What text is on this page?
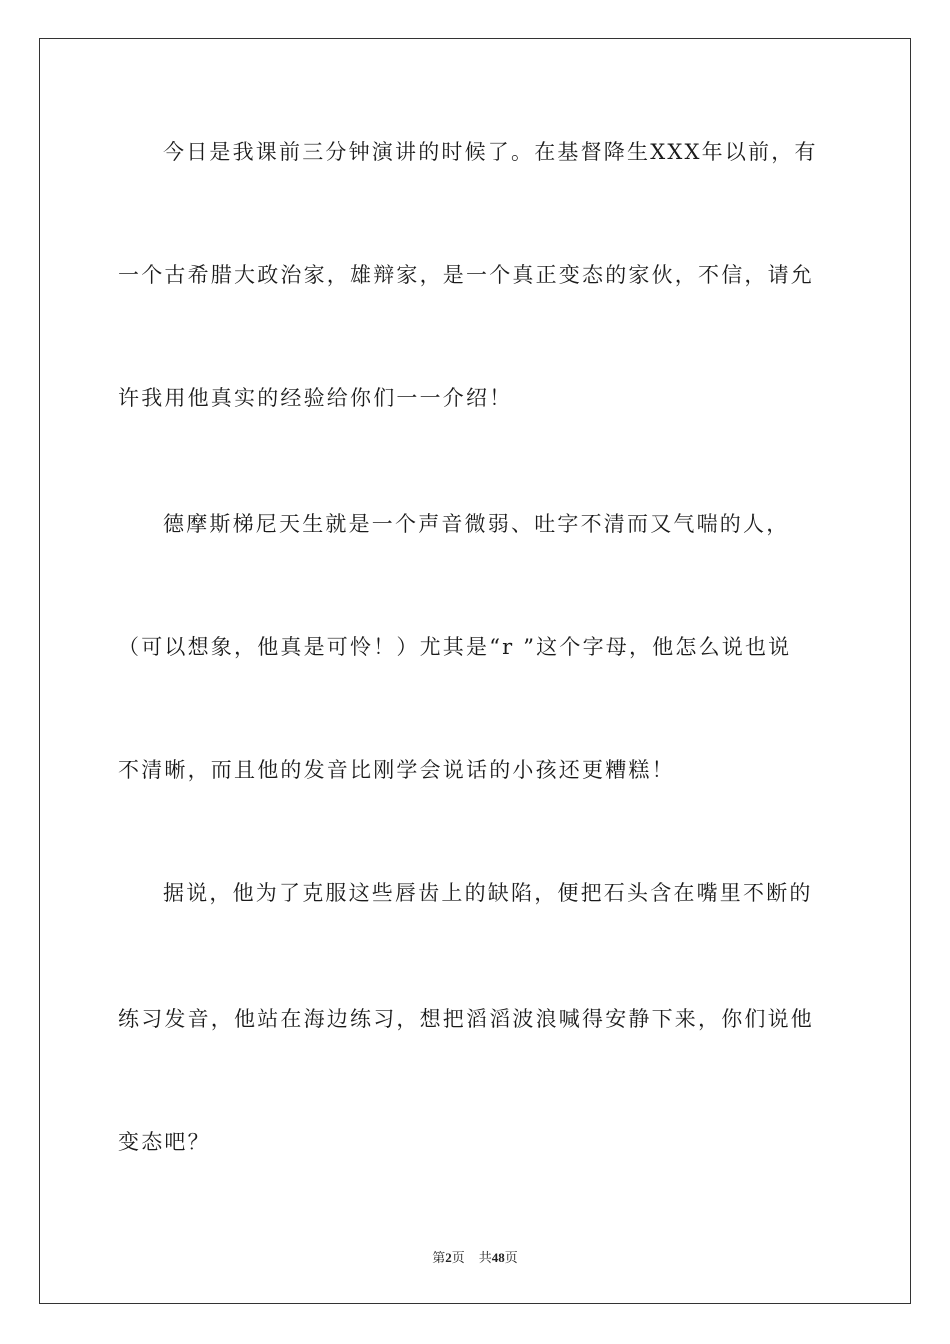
今日是我课前三分钟演讲的时候了。在基督降生XXX年以前，有
一个古希腊大政治家，雄辩家，是一个真正变态的家伙，不信，请允
许我用他真实的经验给你们一一介绍！
德摩斯梯尼天生就是一个声音微弱、吐字不清而又气喘的人，
（可以想象，他真是可怜！）尤其是“r ”这个字母，他怎么说也说
不清晰，而且他的发音比刚学会说话的小孩还更糟糕！
据说，他为了克服这些唇齿上的缺陷，便把石头含在嘴里不断的
练习发音，他站在海边练习，想把滔滔波浪喊得安静下来，你们说他
变态吧？
第2页 共48页
